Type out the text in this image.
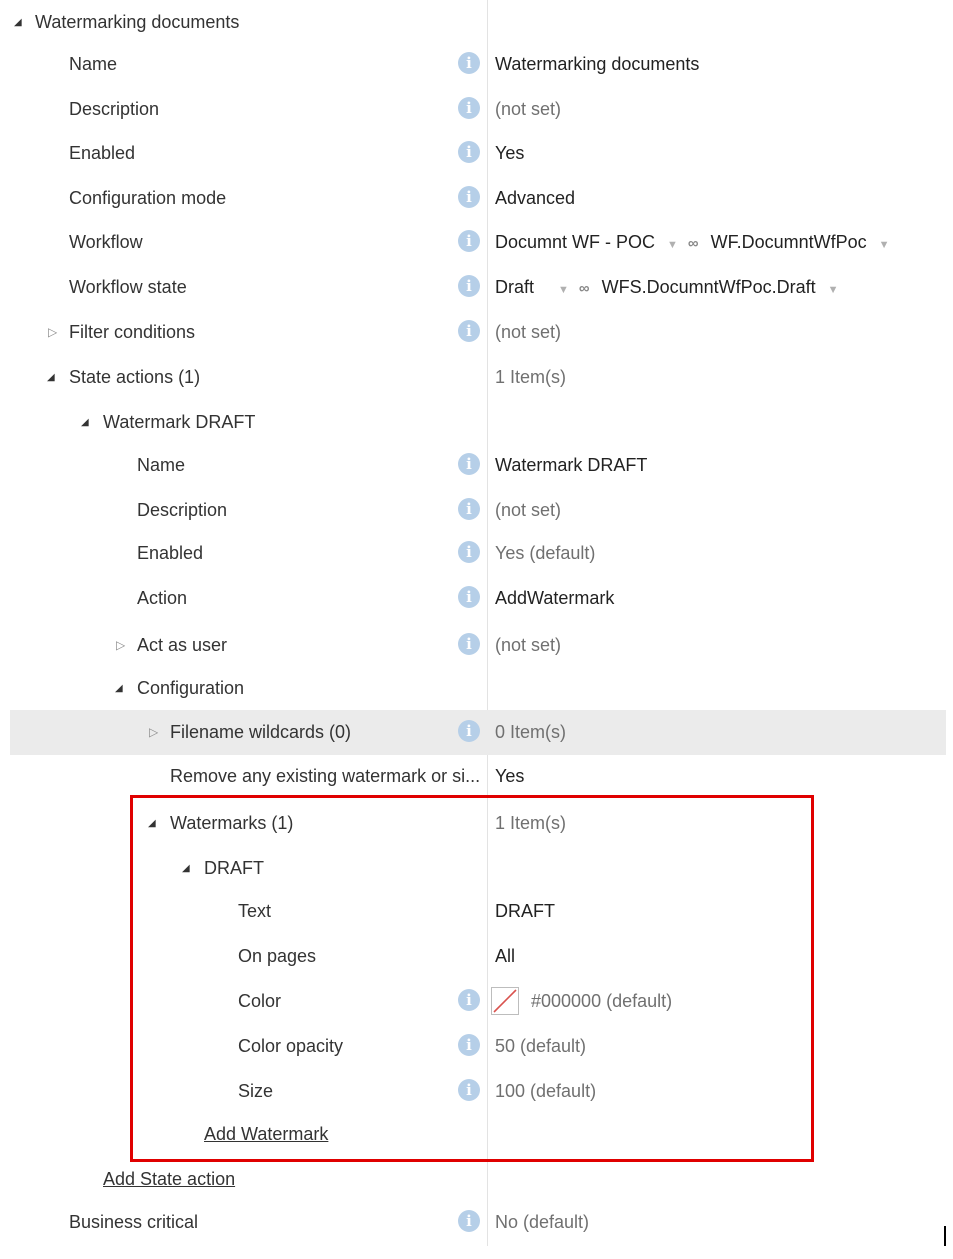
◢ Watermarking documents
Name	i	Watermarking documents
Description	i	(not set)
Enabled	i	Yes
Configuration mode	i	Advanced
Workflow	i	Documnt WF - POC ▼ ∞ WF.DocumntWfPoc ▼
Workflow state	i	Draft ▼ ∞ WFS.DocumntWfPoc.Draft ▼
▷ Filter conditions	i	(not set)
◢ State actions (1)	1 Item(s)
◢ Watermark DRAFT
Name	i	Watermark DRAFT
Description	i	(not set)
Enabled	i	Yes (default)
Action	i	AddWatermark
▷ Act as user	i	(not set)
◢ Configuration
▷ Filename wildcards (0)	i	0 Item(s)
Remove any existing watermark or si... Yes
◢ Watermarks (1)	1 Item(s)
◢ DRAFT
Text	DRAFT
On pages	All
Color	i	#000000 (default)
Color opacity	i	50 (default)
Size	i	100 (default)
Add Watermark
Add State action
Business critical	i	No (default)
